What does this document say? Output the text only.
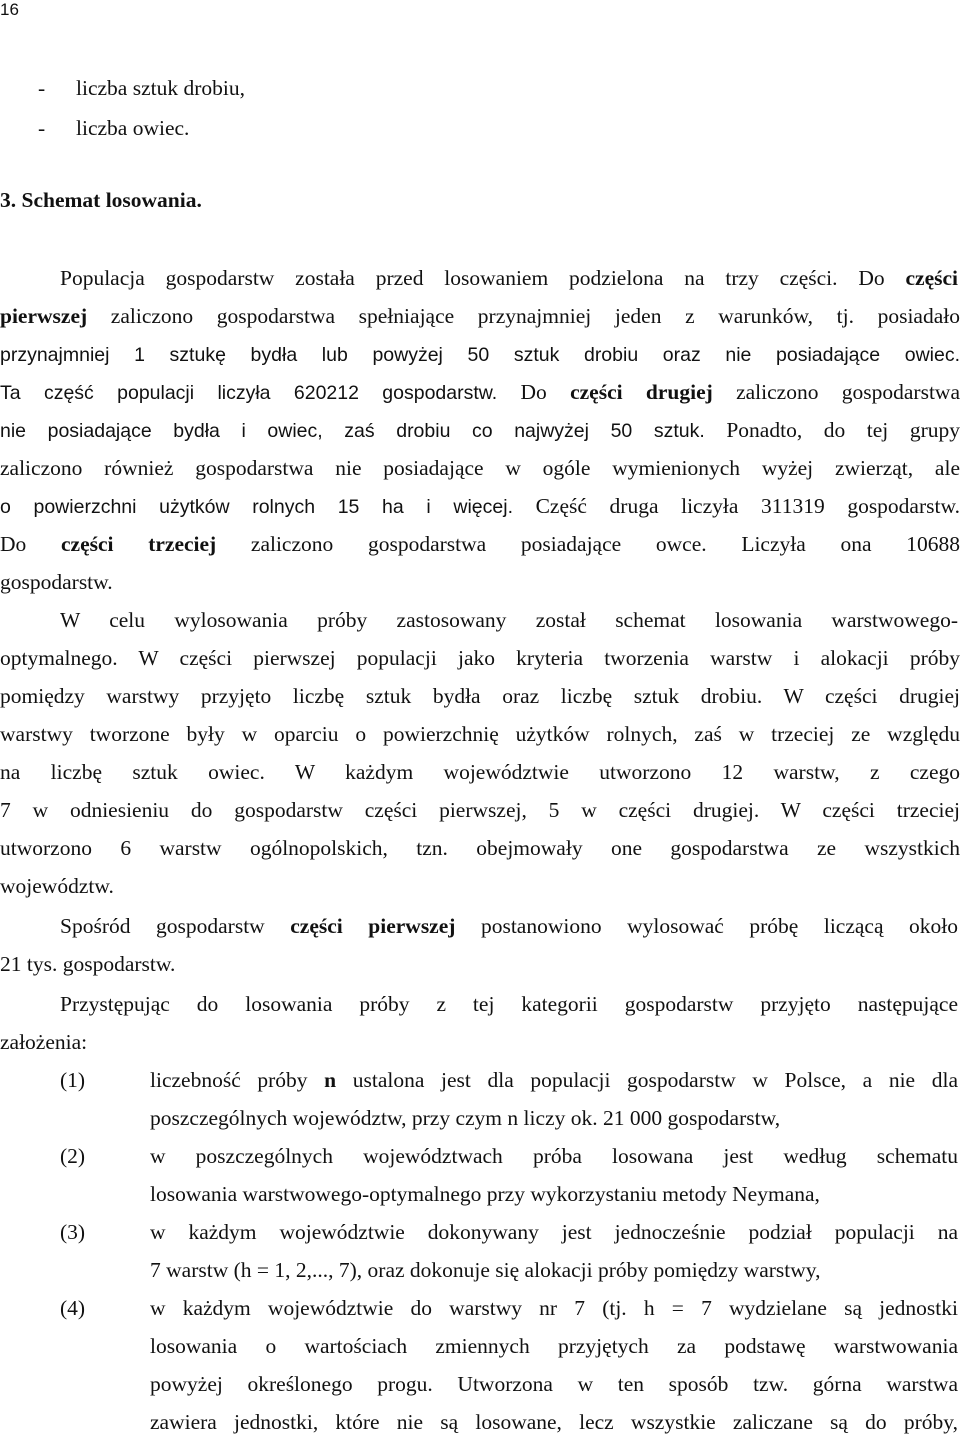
16
- liczba sztuk drobiu,
- liczba owiec.
3. Schemat losowania.
Populacja gospodarstw została przed losowaniem podzielona na trzy części. Do części
pierwszej zaliczono gospodarstwa spełniające przynajmniej jeden z warunków, tj. posiadało
przynajmniej 1 sztukę bydła lub powyżej 50 sztuk drobiu oraz nie posiadające owiec.
Ta część populacji liczyła 620212 gospodarstw. Do części drugiej zaliczono gospodarstwa
nie posiadające bydła i owiec, zaś drobiu co najwyżej 50 sztuk. Ponadto, do tej grupy
zaliczono również gospodarstwa nie posiadające w ogóle wymienionych wyżej zwierząt, ale
o powierzchni użytków rolnych 15 ha i więcej. Część druga liczyła 311319 gospodarstw.
Do części trzeciej zaliczono gospodarstwa posiadające owce. Liczyła ona 10688
gospodarstw.
W celu wylosowania próby zastosowany został schemat losowania warstwowego-
optymalnego. W części pierwszej populacji jako kryteria tworzenia warstw i alokacji próby
pomiędzy warstwy przyjęto liczbę sztuk bydła oraz liczbę sztuk drobiu. W części drugiej
warstwy tworzone były w oparciu o powierzchnię użytków rolnych, zaś w trzeciej ze względu
na liczbę sztuk owiec. W każdym województwie utworzono 12 warstw, z czego
7 w odniesieniu do gospodarstw części pierwszej, 5 w części drugiej. W części trzeciej
utworzono 6 warstw ogólnopolskich, tzn. obejmowały one gospodarstwa ze wszystkich
województw.
Spośród gospodarstw części pierwszej postanowiono wylosować próbę liczącą około
21 tys. gospodarstw.
Przystępując do losowania próby z tej kategorii gospodarstw przyjęto następujące
założenia:
(1)	liczebność próby n ustalona jest dla populacji gospodarstw w Polsce, a nie dla
poszczególnych województw, przy czym n liczy ok. 21 000 gospodarstw,
(2)	w poszczególnych województwach próba losowana jest według schematu
losowania warstwowego-optymalnego przy wykorzystaniu metody Neymana,
(3)	w każdym województwie dokonywany jest jednocześnie podział populacji na
7 warstw (h = 1, 2,..., 7), oraz dokonuje się alokacji próby pomiędzy warstwy,
(4)	w każdym województwie do warstwy nr 7 (tj. h = 7 wydzielane są jednostki
losowania o wartościach zmiennych przyjętych za podstawę warstwowania
powyżej określonego progu. Utworzona w ten sposób tzw. górna warstwa
zawiera jednostki, które nie są losowane, lecz wszystkie zaliczane są do próby,
